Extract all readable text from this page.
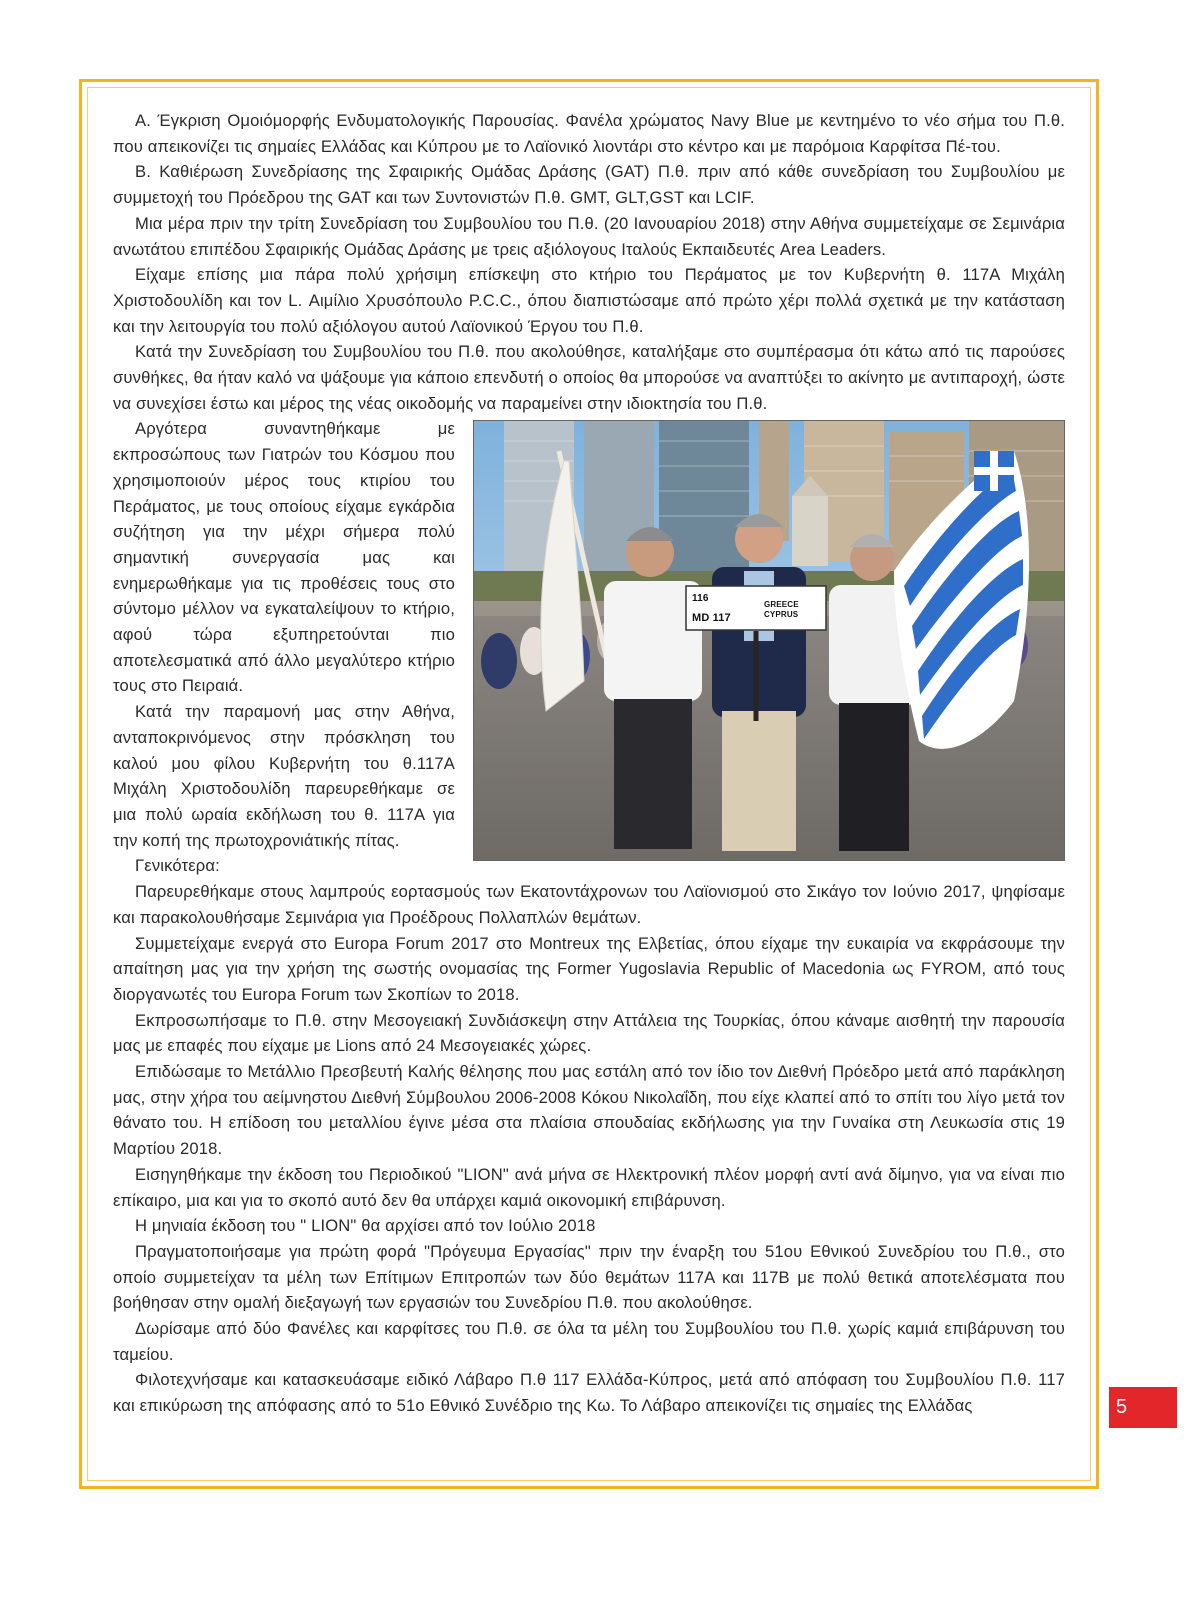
Α. Έγκριση Ομοιόμορφής Ενδυματολογικής Παρουσίας. Φανέλα χρώματος Navy Blue με κεντημένο το νέο σήμα του Π.θ. που απεικονίζει τις σημαίες Ελλάδας και Κύπρου με το Λαϊονικό λιοντάρι στο κέντρο και με παρόμοια Καρφίτσα Πέ-του.

Β. Καθιέρωση Συνεδρίασης της Σφαιρικής Ομάδας Δράσης (GAT) Π.θ. πριν από κάθε συνεδρίαση του Συμβουλίου με συμμετοχή του Πρόεδρου της GAT και των Συντονιστών Π.θ. GMT, GLT,GST και LCIF.

Μια μέρα πριν την τρίτη Συνεδρίαση του Συμβουλίου του Π.θ. (20 Ιανουαρίου 2018) στην Αθήνα συμμετείχαμε σε Σεμινάρια ανωτάτου επιπέδου Σφαιρικής Ομάδας Δράσης με τρεις αξιόλογους Ιταλούς Εκπαιδευτές Area Leaders.

Είχαμε επίσης μια πάρα πολύ χρήσιμη επίσκεψη στο κτήριο του Περάματος με τον Κυβερνήτη θ. 117Α Μιχάλη Χριστοδουλίδη και τον L. Αιμίλιο Χρυσόπουλο P.C.C., όπου διαπιστώσαμε από πρώτο χέρι πολλά σχετικά με την κατάσταση και την λειτουργία του πολύ αξιόλογου αυτού Λαϊονικού Έργου του Π.θ.

Κατά την Συνεδρίαση του Συμβουλίου του Π.θ. που ακολούθησε, καταλήξαμε στο συμπέρασμα ότι κάτω από τις παρούσες συνθήκες, θα ήταν καλό να ψάξουμε για κάποιο επενδυτή ο οποίος θα μπορούσε να αναπτύξει το ακίνητο με αντιπαροχή, ώστε να συνεχίσει έστω και μέρος της νέας οικοδομής να παραμείνει στην ιδιοκτησία του Π.θ.

116
MD 117
GREECE
CYPRUS

Αργότερα συναντηθήκαμε με εκπροσώπους των Γιατρών του Κόσμου που χρησιμοποιούν μέρος τους κτιρίου του Περάματος, με τους οποίους είχαμε εγκάρδια συζήτηση για την μέχρι σήμερα πολύ σημαντική συνεργασία μας και ενημερωθήκαμε για τις προθέσεις τους στο σύντομο μέλλον να εγκαταλείψουν το κτήριο, αφού τώρα εξυπηρετούνται πιο αποτελεσματικά από άλλο μεγαλύτερο κτήριο τους στο Πειραιά.

Κατά την παραμονή μας στην Αθήνα, ανταποκρινόμενος στην πρόσκληση του καλού μου φίλου Κυβερνήτη του θ.117Α Μιχάλη Χριστοδουλίδη παρευρεθήκαμε σε μια πολύ ωραία εκδήλωση του θ. 117Α για την κοπή της πρωτοχρονιάτικής πίτας.

Γενικότερα:

Παρευρεθήκαμε στους λαμπρούς εορτασμούς των Εκατοντάχρονων του Λαϊονισμού στο Σικάγο τον Ιούνιο 2017, ψηφίσαμε και παρακολουθήσαμε Σεμινάρια για Προέδρους Πολλαπλών θεμάτων.

Συμμετείχαμε ενεργά στο Europa Forum 2017 στο Montreux της Ελβετίας, όπου είχαμε την ευκαιρία να εκφράσουμε την απαίτηση μας για την χρήση της σωστής ονομασίας της Former Yugoslavia Republic of Macedonia ως FYROM, από τους διοργανωτές του Europa Forum των Σκοπίων το 2018.

Εκπροσωπήσαμε το Π.θ. στην Μεσογειακή Συνδιάσκεψη στην Αττάλεια της Τουρκίας, όπου κάναμε αισθητή την παρουσία μας με επαφές που είχαμε με Lions από 24 Μεσογειακές χώρες.

Επιδώσαμε το Μετάλλιο Πρεσβευτή Καλής θέλησης που μας εστάλη από τον ίδιο τον Διεθνή Πρόεδρο μετά από παράκληση μας, στην χήρα του αείμνηστου Διεθνή Σύμβουλου 2006-2008 Κόκου Νικολαΐδη, που είχε κλαπεί από το σπίτι του λίγο μετά τον θάνατο του. Η επίδοση του μεταλλίου έγινε μέσα στα πλαίσια σπουδαίας εκδήλωσης για την Γυναίκα στη Λευκωσία στις 19 Μαρτίου 2018.

Εισηγηθήκαμε την έκδοση του Περιοδικού "LION" ανά μήνα σε Ηλεκτρονική πλέον μορφή αντί ανά δίμηνο, για να είναι πιο επίκαιρο, μια και για το σκοπό αυτό δεν θα υπάρχει καμιά οικονομική επιβάρυνση.

Η μηνιαία έκδοση του " LION" θα αρχίσει από τον Ιούλιο 2018

Πραγματοποιήσαμε για πρώτη φορά "Πρόγευμα Εργασίας" πριν την έναρξη του 51ου Εθνικού Συνεδρίου του Π.θ., στο οποίο συμμετείχαν τα μέλη των Επίτιμων Επιτροπών των δύο θεμάτων 117Α και 117Β με πολύ θετικά αποτελέσματα που βοήθησαν στην ομαλή διεξαγωγή των εργασιών του Συνεδρίου Π.θ. που ακολούθησε.

Δωρίσαμε από δύο Φανέλες και καρφίτσες του Π.θ. σε όλα τα μέλη του Συμβουλίου του Π.θ. χωρίς καμιά επιβάρυνση του ταμείου.

Φιλοτεχνήσαμε και κατασκευάσαμε ειδικό Λάβαρο Π.θ 117 Ελλάδα-Κύπρος, μετά από απόφαση του Συμβουλίου Π.θ. 117 και επικύρωση της απόφασης από το 51ο Εθνικό Συνέδριο της Κω. Το Λάβαρο απεικονίζει τις σημαίες της Ελλάδας	5
